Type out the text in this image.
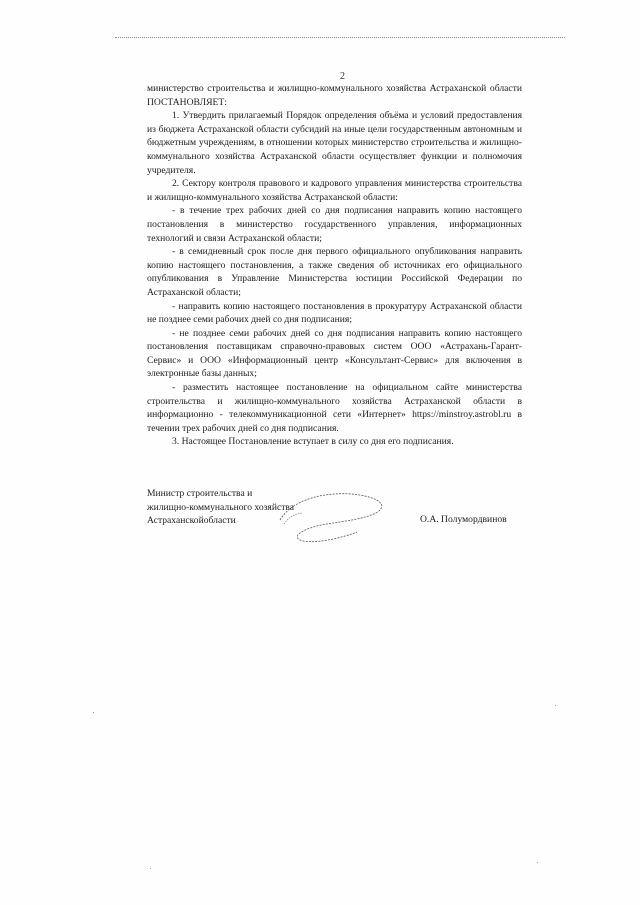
2

министерство строительства и жилищно-коммунального хозяйства Астраханской области ПОСТАНОВЛЯЕТ:

1. Утвердить прилагаемый Порядок определения объёма и условий предоставления из бюджета Астраханской области субсидий на иные цели государственным автономным и бюджетным учреждениям, в отношении которых министерство строительства и жилищно-коммунального хозяйства Астраханской области осуществляет функции и полномочия учредителя.

2. Сектору контроля правового и кадрового управления министерства строительства и жилищно-коммунального хозяйства Астраханской области:

- в течение трех рабочих дней со дня подписания направить копию настоящего постановления в министерство государственного управления, информационных технологий и связи Астраханской области;

- в семидневный срок после дня первого официального опубликования направить копию настоящего постановления, а также сведения об источниках его официального опубликования в Управление Министерства юстиции Российской Федерации по Астраханской области;

- направить копию настоящего постановления в прокуратуру Астраханской области не позднее семи рабочих дней со дня подписания;

- не позднее семи рабочих дней со дня подписания направить копию настоящего постановления поставщикам справочно-правовых систем ООО «Астрахань-Гарант-Сервис» и ООО «Информационный центр «Консультант-Сервис» для включения в электронные базы данных;

- разместить настоящее постановление на официальном сайте министерства строительства и жилищно-коммунального хозяйства Астраханской области в информационно - телекоммуникационной сети «Интернет» https://minstroy.astrobl.ru в течении трех рабочих дней со дня подписания.

3. Настоящее Постановление вступает в силу со дня его подписания.

Министр строительства и
жилищно-коммунального хозяйства
Астраханскойобласти	О.А. Полумордвинов
